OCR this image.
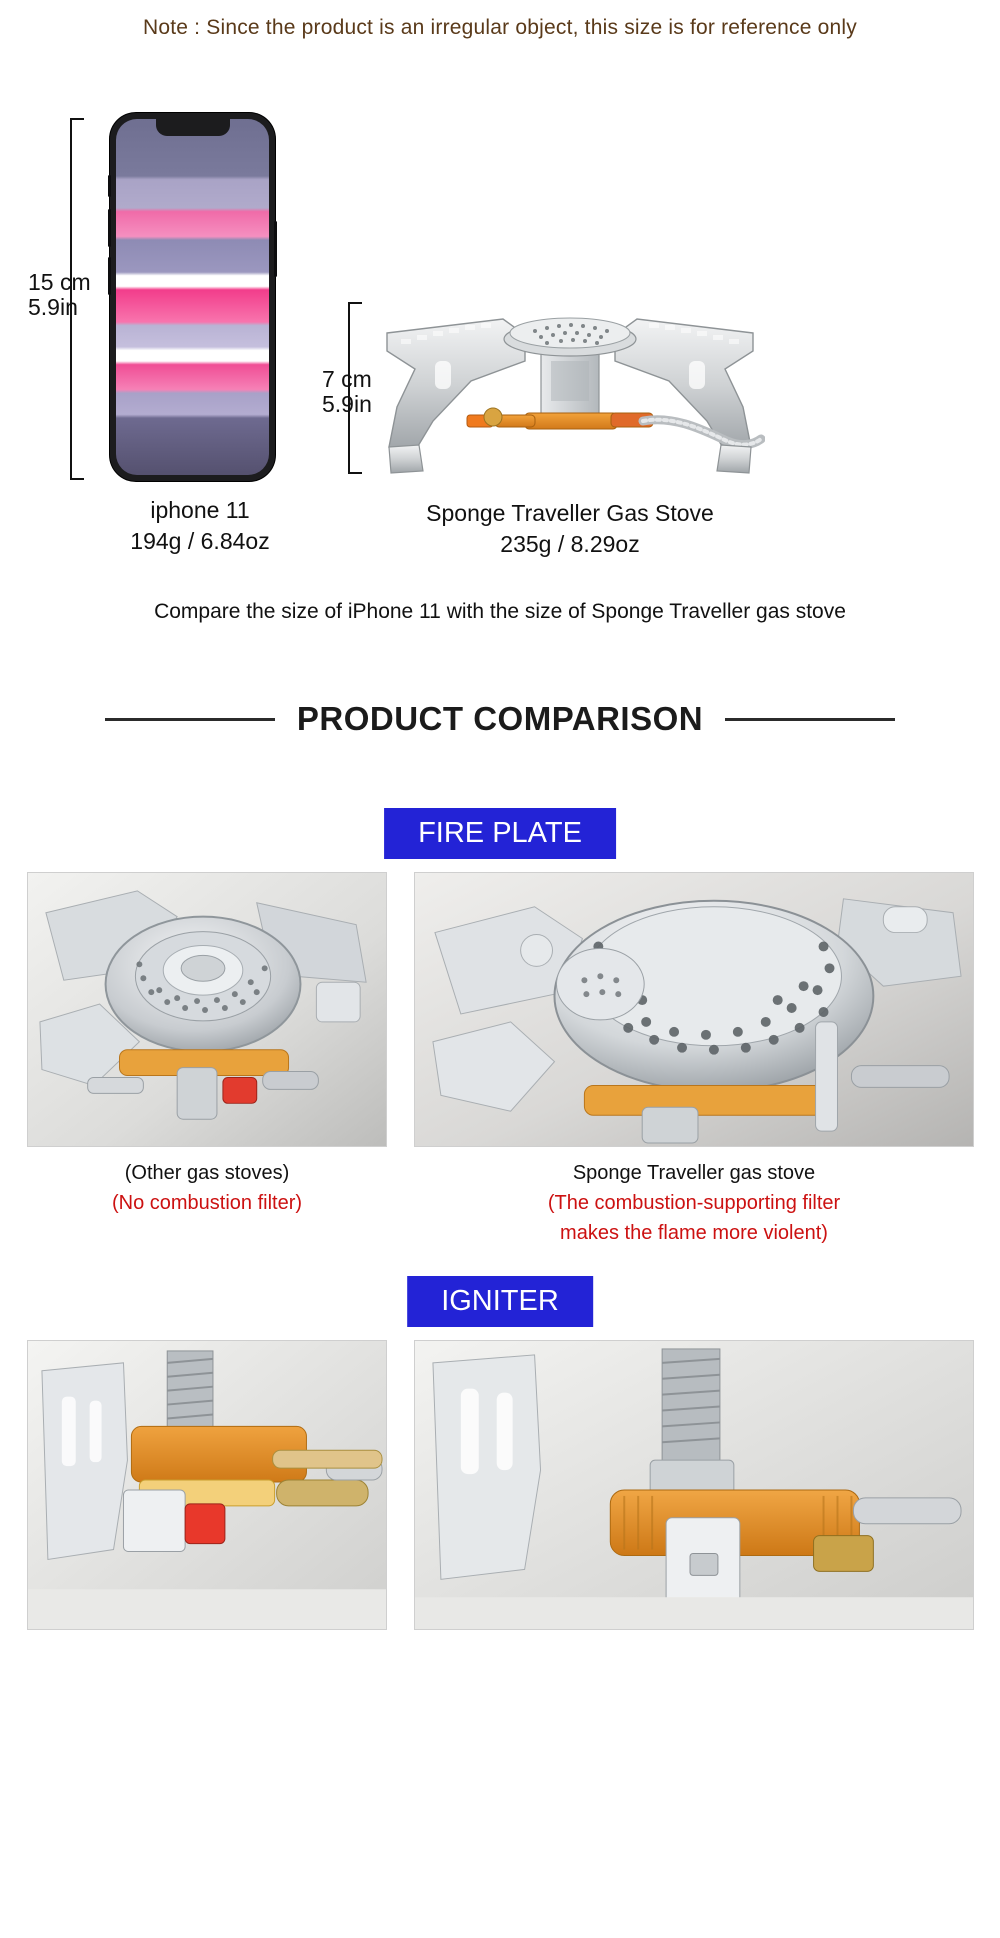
Note : Since the product is an irregular object, this size is for reference only
15 cm
5.9in
7 cm
5.9in
iphone 11
194g / 6.84oz
Sponge Traveller Gas Stove
235g / 8.29oz
Compare the size of iPhone 11 with the size of Sponge Traveller gas stove
PRODUCT COMPARISON
FIRE PLATE
(Other gas stoves)
(No combustion filter)
Sponge Traveller gas stove
(The combustion-supporting filter
makes the flame more violent)
IGNITER
